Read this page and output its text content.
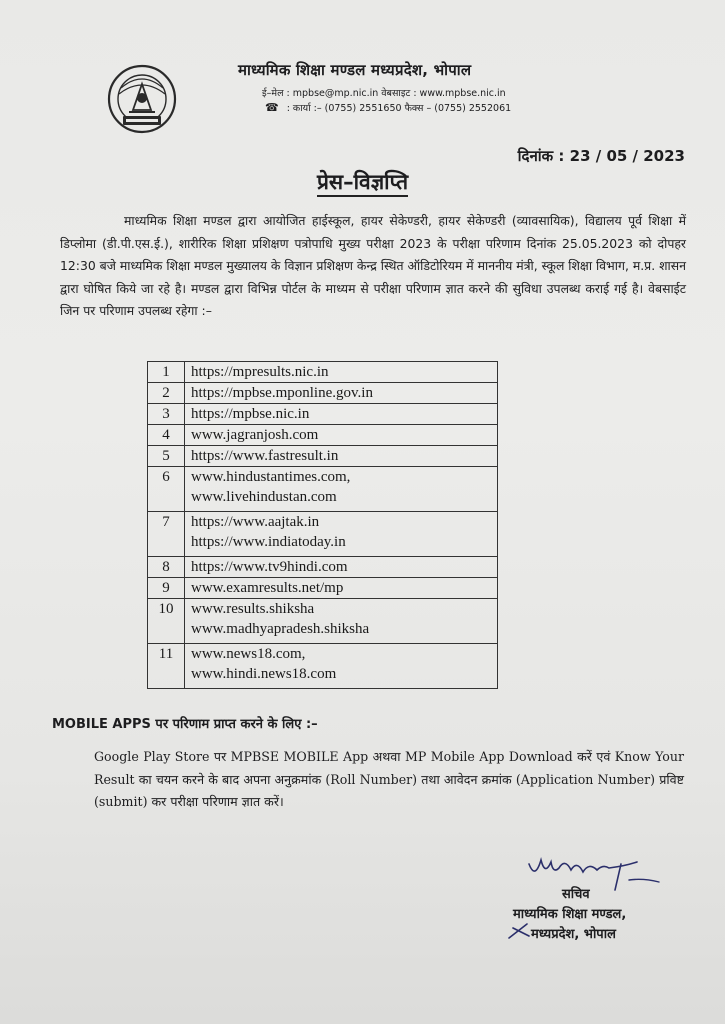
माध्यमिक शिक्षा मण्डल मध्यप्रदेश, भोपाल
ई–मेल : mpbse@mp.nic.in वेबसाइट : www.mpbse.nic.in
☎ : कार्या :– (0755) 2551650 फैक्स – (0755) 2552061
दिनांक : 23 / 05 / 2023
प्रेस–विज्ञप्ति
माध्यमिक शिक्षा मण्डल द्वारा आयोजित हाईस्कूल, हायर सेकेण्डरी, हायर सेकेण्डरी (व्यावसायिक), विद्यालय पूर्व शिक्षा में डिप्लोमा (डी.पी.एस.ई.), शारीरिक शिक्षा प्रशिक्षण पत्रोपाधि मुख्य परीक्षा 2023 के परीक्षा परिणाम दिनांक 25.05.2023 को दोपहर 12:30 बजे माध्यमिक शिक्षा मण्डल मुख्यालय के विज्ञान प्रशिक्षण केन्द्र स्थित ऑडिटोरियम में माननीय मंत्री, स्कूल शिक्षा विभाग, म.प्र. शासन द्वारा घोषित किये जा रहे है। मण्डल द्वारा विभिन्न पोर्टल के माध्यम से परीक्षा परिणाम ज्ञात करने की सुविधा उपलब्ध कराई गई है। वेबसाईट जिन पर परिणाम उपलब्ध रहेगा :–
1	https://mpresults.nic.in

2	https://mpbse.mponline.gov.in

3	https://mpbse.nic.in

4	www.jagranjosh.com

5	https://www.fastresult.in

6	www.hindustantimes.com,
www.livehindustan.com

7	https://www.aajtak.in
https://www.indiatoday.in

8	https://www.tv9hindi.com

9	www.examresults.net/mp

10	www.results.shiksha
www.madhyapradesh.shiksha

11	www.news18.com,
www.hindi.news18.com
MOBILE APPS पर परिणाम प्राप्त करने के लिए :–
Google Play Store पर MPBSE MOBILE App अथवा MP Mobile App Download करें एवं Know Your Result का चयन करने के बाद अपना अनुक्रमांक (Roll Number) तथा आवेदन क्रमांक (Application Number) प्रविष्ट (submit) कर परीक्षा परिणाम ज्ञात करें।
सचिव
माध्यमिक शिक्षा मण्डल,
मध्यप्रदेश, भोपाल
